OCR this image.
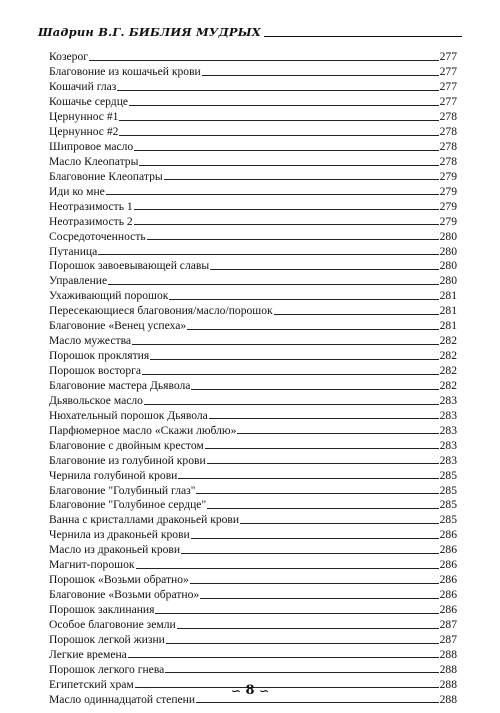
Шадрин В.Г. БИБЛИЯ МУДРЫХ
Козерог	277
Благовоние из кошачьей крови	277
Кошачий глаз	277
Кошачье сердце	277
Цернуннос #1	278
Цернуннос #2	278
Шипровое масло	278
Масло Клеопатры	278
Благовоние Клеопатры	279
Иди ко мне	279
Неотразимость 1	279
Неотразимость 2	279
Сосредоточенность	280
Путаница	280
Порошок завоевывающей славы	280
Управление	280
Ухаживающий порошок	281
Пересекающиеся благовония/масло/порошок	281
Благовоние «Венец успеха»	281
Масло мужества	282
Порошок проклятия	282
Порошок восторга	282
Благовоние мастера Дьявола	282
Дьявольское масло	283
Нюхательный порошок Дьявола	283
Парфюмерное масло «Скажи люблю»	283
Благовоние с двойным крестом	283
Благовоние из голубиной крови	283
Чернила голубиной крови	285
Благовоние "Голубиный глаз"	285
Благовоние "Голубиное сердце"	285
Ванна с кристаллами драконьей крови	285
Чернила из драконьей крови	286
Масло из драконьей крови	286
Магнит-порошок	286
Порошок «Возьми обратно»	286
Благовоние «Возьми обратно»	286
Порошок заклинания	286
Особое благовоние земли	287
Порошок легкой жизни	287
Легкие времена	288
Порошок легкого гнева	288
Египетский храм	288
Масло одиннадцатой степени	288
∽ 8 ∽
